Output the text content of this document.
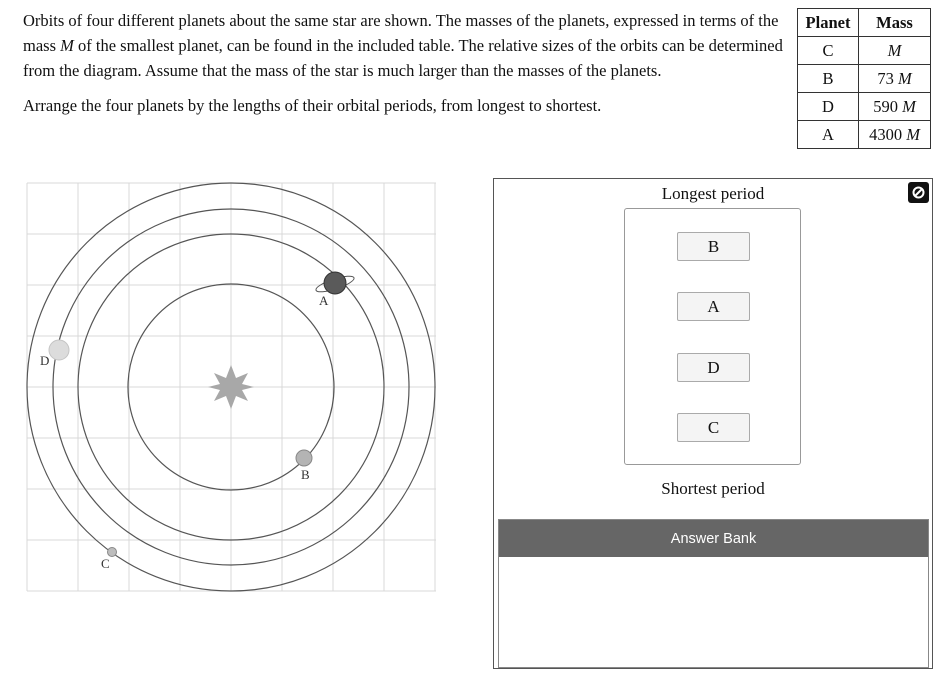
Orbits of four different planets about the same star are shown. The masses of the planets, expressed in terms of the mass M of the smallest planet, can be found in the included table. The relative sizes of the orbits can be determined from the diagram. Assume that the mass of the star is much larger than the masses of the planets.

Arrange the four planets by the lengths of their orbital periods, from longest to shortest.

Planet	Mass
C	M
B	73 M
D	590 M
A	4300 M
A
B
C
D
Longest period
B
A
D
C
Shortest period
Answer Bank
